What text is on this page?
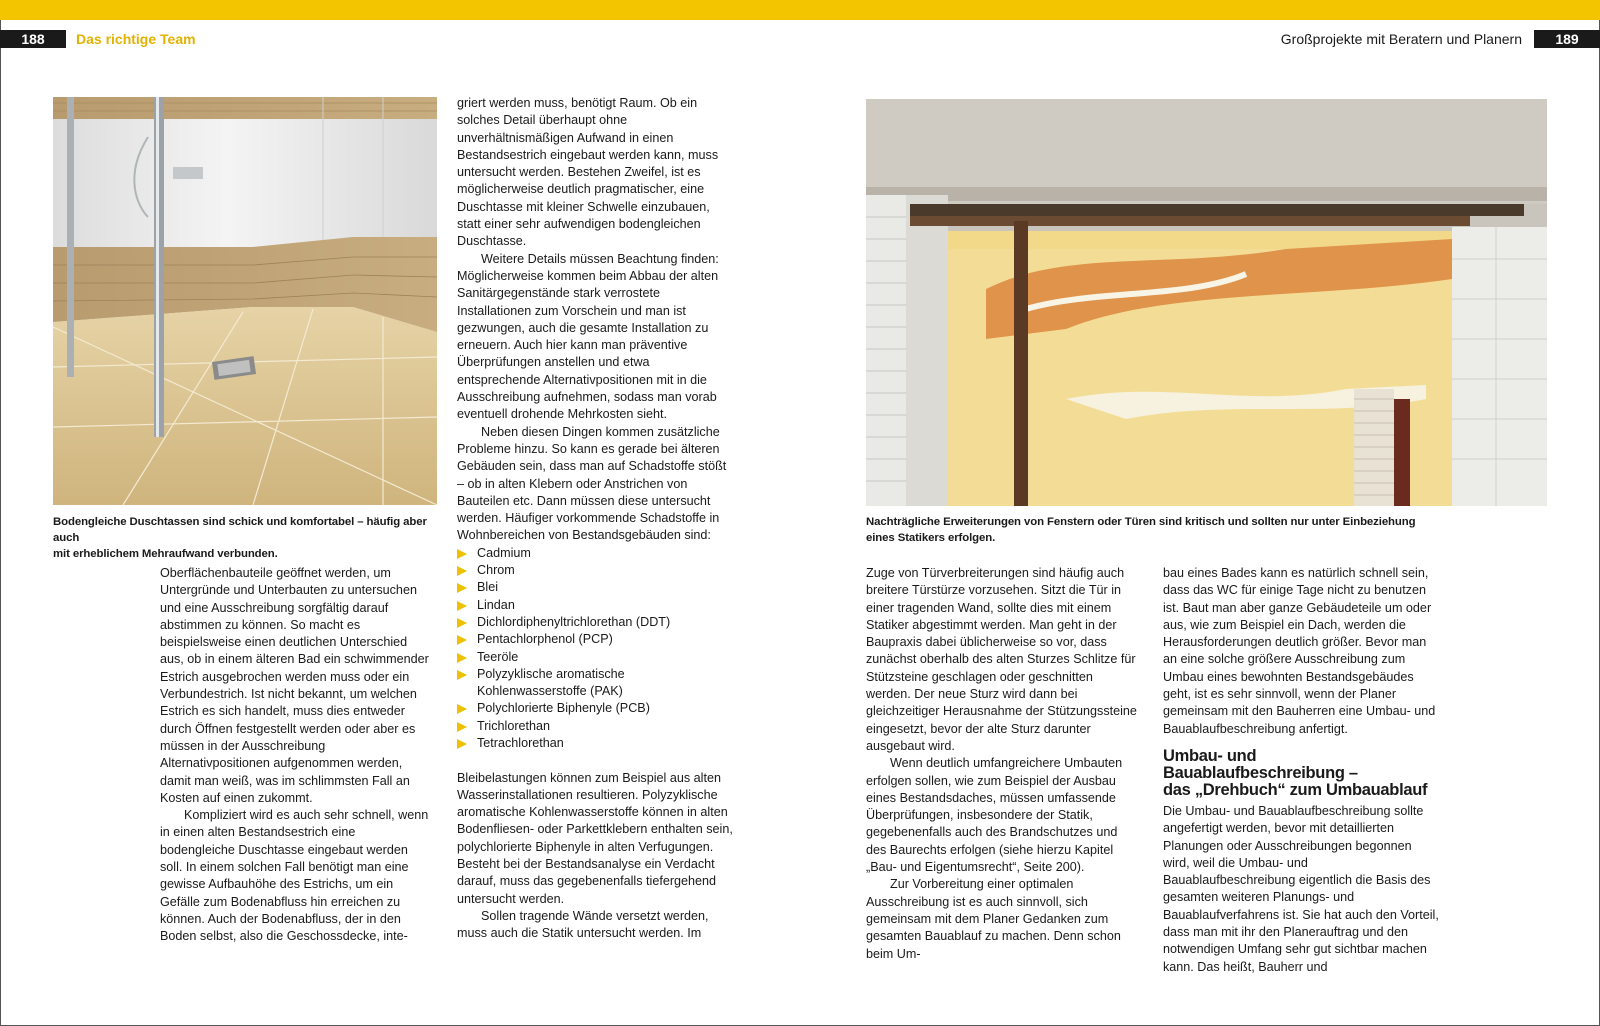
188	Das richtige Team	Großprojekte mit Beratern und Planern	189
Bodengleiche Duschtassen sind schick und komfortabel – häufig aber auch
mit erheblichem Mehraufwand verbunden.

Oberflächenbauteile geöffnet werden, um Untergründe und Unterbauten zu untersuchen und eine Ausschreibung sorgfältig darauf abstimmen zu können. So macht es beispielsweise einen deutlichen Unterschied aus, ob in einem älteren Bad ein schwimmender Estrich ausgebrochen werden muss oder ein Verbundestrich. Ist nicht bekannt, um welchen Estrich es sich handelt, muss dies entweder durch Öffnen festgestellt werden oder aber es müssen in der Ausschreibung Alternativpositionen aufgenommen werden, damit man weiß, was im schlimmsten Fall an Kosten auf einen zukommt.

Kompliziert wird es auch sehr schnell, wenn in einen alten Bestandsestrich eine bodengleiche Duschtasse eingebaut werden soll. In einem solchen Fall benötigt man eine gewisse Aufbauhöhe des Estrichs, um ein Gefälle zum Bodenabfluss hin erreichen zu können. Auch der Bodenabfluss, der in den Boden selbst, also die Geschossdecke, inte-

griert werden muss, benötigt Raum. Ob ein solches Detail überhaupt ohne unverhältnismäßigen Aufwand in einen Bestandsestrich eingebaut werden kann, muss untersucht werden. Bestehen Zweifel, ist es möglicherweise deutlich pragmatischer, eine Duschtasse mit kleiner Schwelle einzubauen, statt einer sehr aufwendigen bodengleichen Duschtasse.

Weitere Details müssen Beachtung finden: Möglicherweise kommen beim Abbau der alten Sanitärgegenstände stark verrostete Installationen zum Vorschein und man ist gezwungen, auch die gesamte Installation zu erneuern. Auch hier kann man präventive Überprüfungen anstellen und etwa entsprechende Alternativpositionen mit in die Ausschreibung aufnehmen, sodass man vorab eventuell drohende Mehrkosten sieht.

Neben diesen Dingen kommen zusätzliche Probleme hinzu. So kann es gerade bei älteren Gebäuden sein, dass man auf Schadstoffe stößt – ob in alten Klebern oder Anstrichen von Bauteilen etc. Dann müssen diese untersucht werden. Häufiger vorkommende Schadstoffe in Wohnbereichen von Bestandsgebäuden sind:

Cadmium
Chrom
Blei
Lindan
Dichlordiphenyltrichlorethan (DDT)
Pentachlorphenol (PCP)
Teeröle
Polyzyklische aromatische Kohlenwasserstoffe (PAK)
Polychlorierte Biphenyle (PCB)
Trichlorethan
Tetrachlorethan

Bleibelastungen können zum Beispiel aus alten Wasserinstallationen resultieren. Polyzyklische aromatische Kohlenwasserstoffe können in alten Bodenfliesen- oder Parkettklebern enthalten sein, polychlorierte Biphenyle in alten Verfugungen. Besteht bei der Bestandsanalyse ein Verdacht darauf, muss das gegebenenfalls tiefergehend untersucht werden.

Sollen tragende Wände versetzt werden, muss auch die Statik untersucht werden. Im

Nachträgliche Erweiterungen von Fenstern oder Türen sind kritisch und sollten nur unter Einbeziehung
eines Statikers erfolgen.

Zuge von Türverbreiterungen sind häufig auch breitere Türstürze vorzusehen. Sitzt die Tür in einer tragenden Wand, sollte dies mit einem Statiker abgestimmt werden. Man geht in der Baupraxis dabei üblicherweise so vor, dass zunächst oberhalb des alten Sturzes Schlitze für Stützsteine geschlagen oder geschnitten werden. Der neue Sturz wird dann bei gleichzeitiger Herausnahme der Stützungssteine eingesetzt, bevor der alte Sturz darunter ausgebaut wird.

Wenn deutlich umfangreichere Umbauten erfolgen sollen, wie zum Beispiel der Ausbau eines Bestandsdaches, müssen umfassende Überprüfungen, insbesondere der Statik, gegebenenfalls auch des Brandschutzes und des Baurechts erfolgen (siehe hierzu Kapitel „Bau- und Eigentumsrecht“, Seite 200).

Zur Vorbereitung einer optimalen Ausschreibung ist es auch sinnvoll, sich gemeinsam mit dem Planer Gedanken zum gesamten Bauablauf zu machen. Denn schon beim Um-

bau eines Bades kann es natürlich schnell sein, dass das WC für einige Tage nicht zu benutzen ist. Baut man aber ganze Gebäudeteile um oder aus, wie zum Beispiel ein Dach, werden die Herausforderungen deutlich größer. Bevor man an eine solche größere Ausschreibung zum Umbau eines bewohnten Bestandsgebäudes geht, ist es sehr sinnvoll, wenn der Planer gemeinsam mit den Bauherren eine Umbau- und Bauablaufbeschreibung anfertigt.

Umbau- und Bauablaufbeschreibung –
das „Drehbuch“ zum Umbauablauf

Die Umbau- und Bauablaufbeschreibung sollte angefertigt werden, bevor mit detaillierten Planungen oder Ausschreibungen begonnen wird, weil die Umbau- und Bauablaufbeschreibung eigentlich die Basis des gesamten weiteren Planungs- und Bauablaufverfahrens ist. Sie hat auch den Vorteil, dass man mit ihr den Planerauftrag und den notwendigen Umfang sehr gut sichtbar machen kann. Das heißt, Bauherr und
